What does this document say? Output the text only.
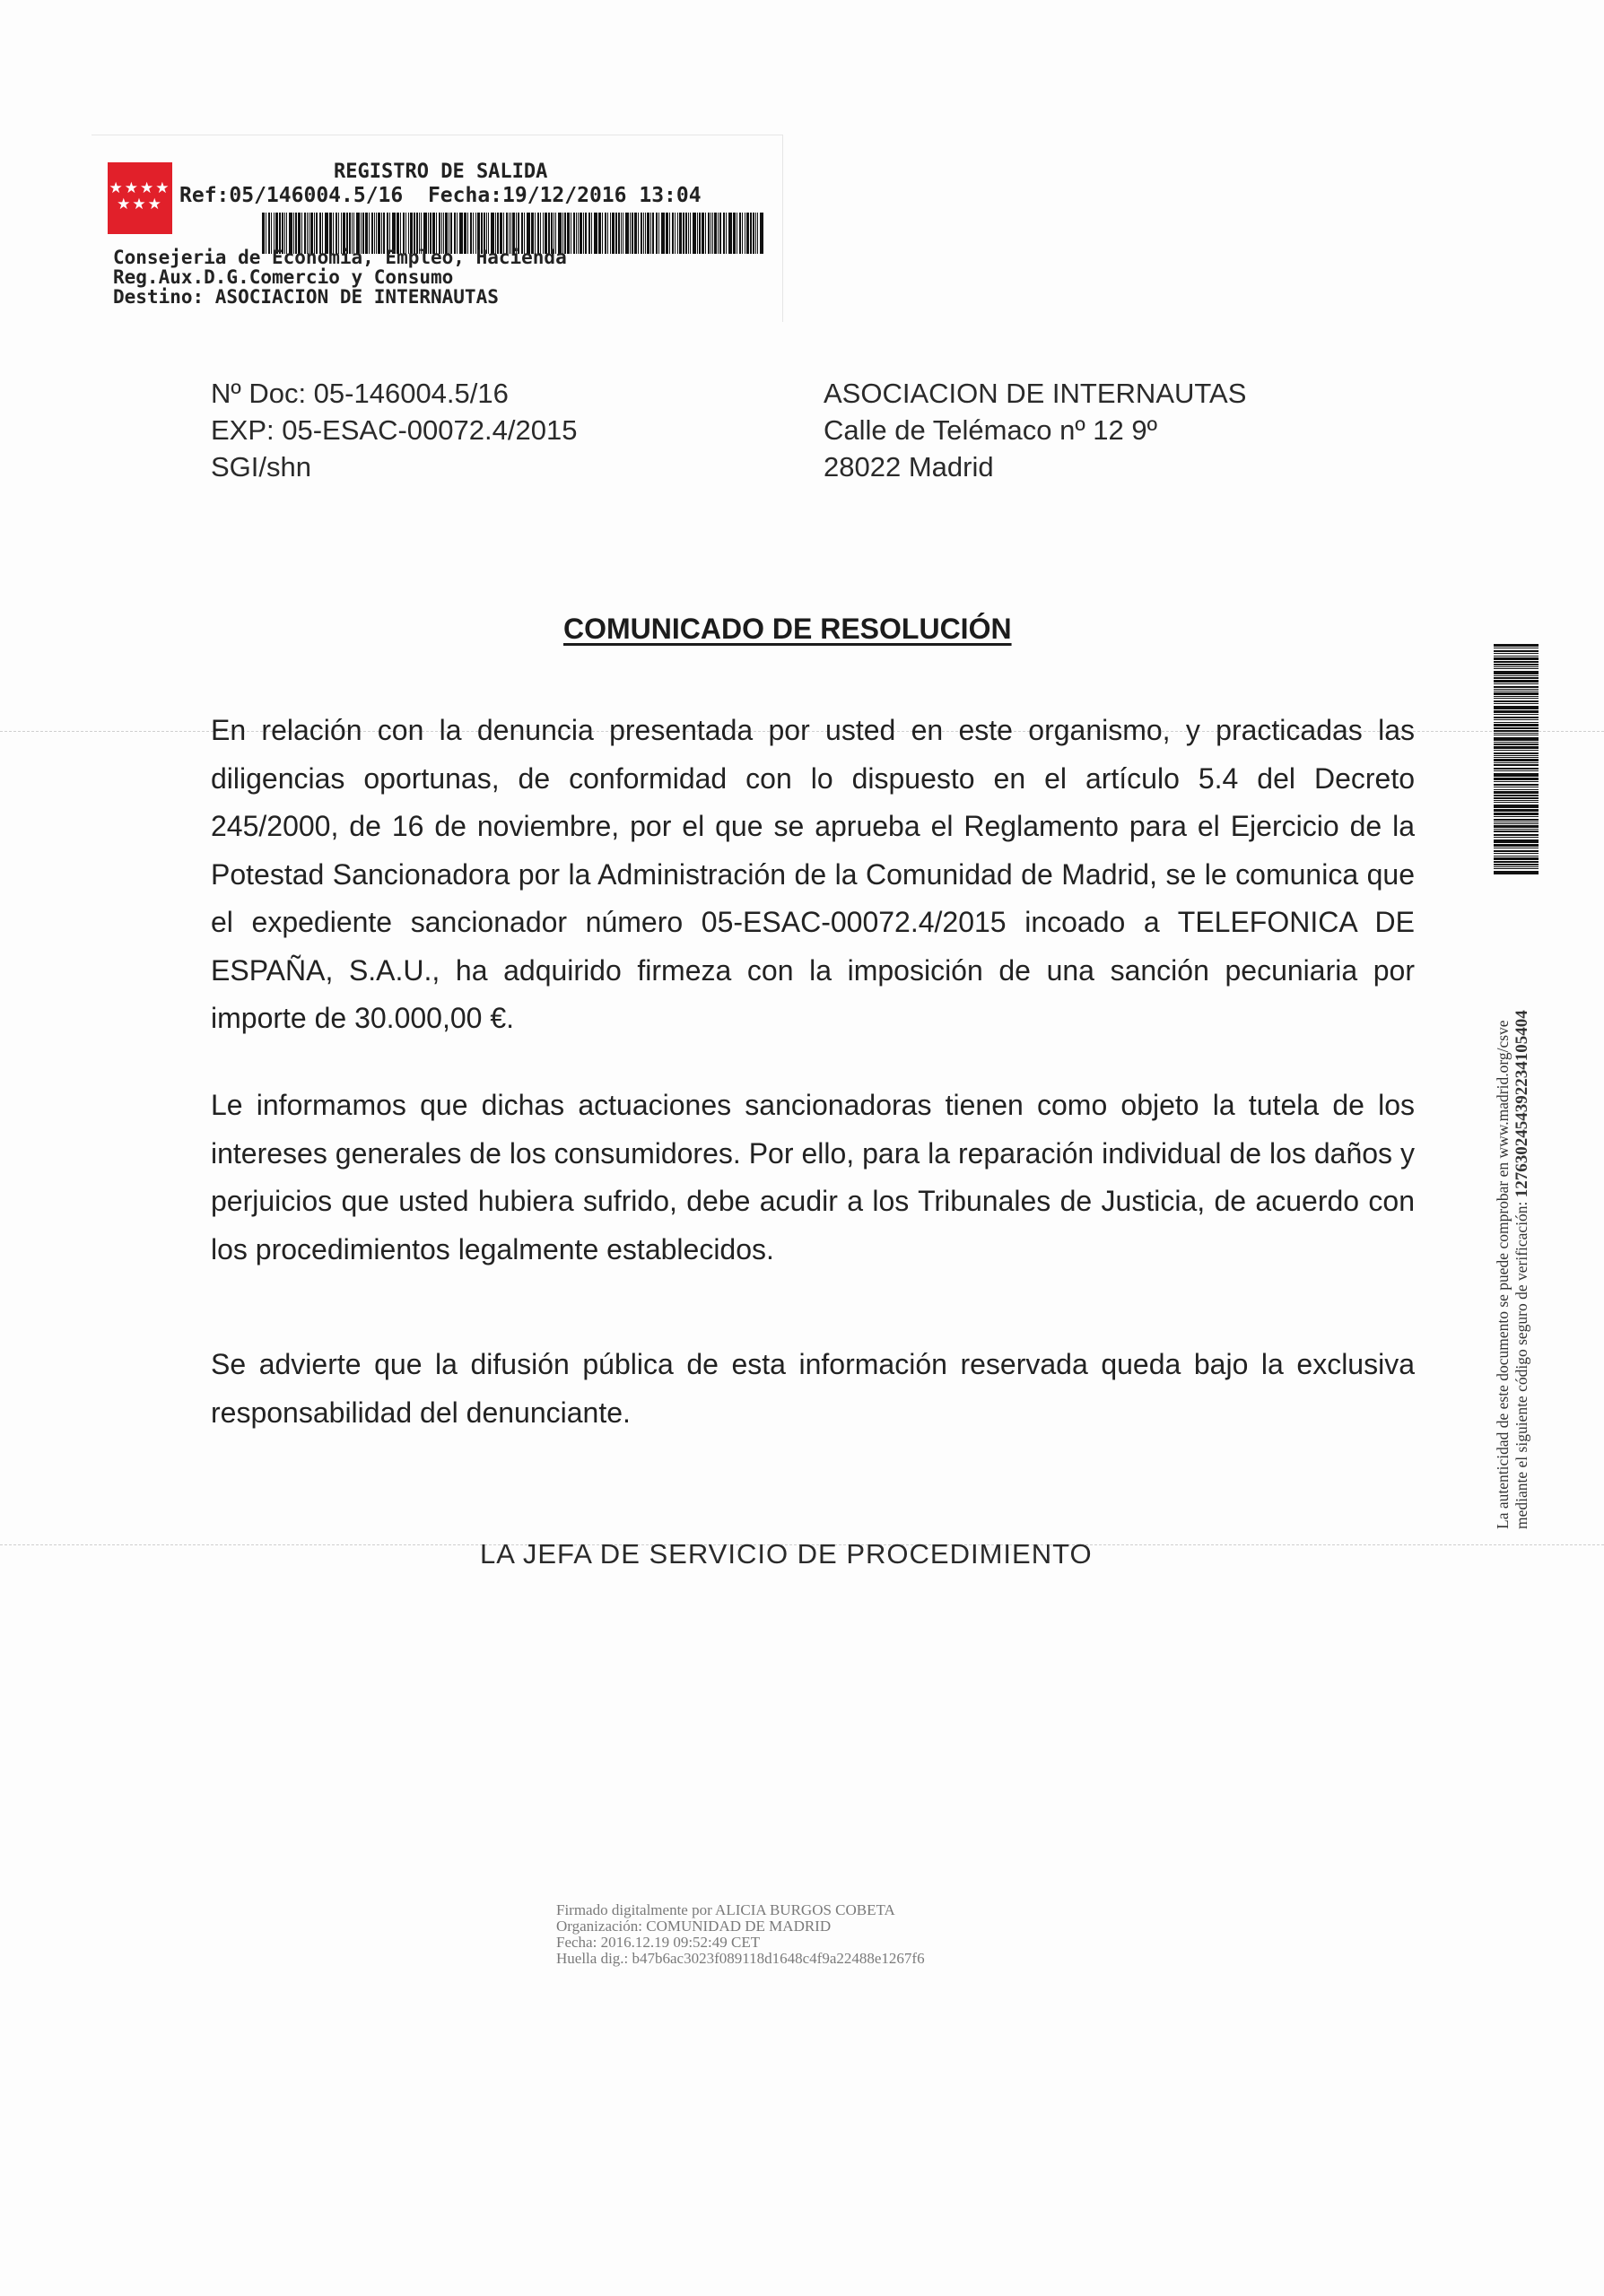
★★★★
★★★
REGISTRO DE SALIDA
Ref:05/146004.5/16  Fecha:19/12/2016 13:04
Consejeria de Economia, Empleo, Hacienda
Reg.Aux.D.G.Comercio y Consumo
Destino: ASOCIACION DE INTERNAUTAS
Nº Doc: 05-146004.5/16
EXP: 05-ESAC-00072.4/2015
SGI/shn
ASOCIACION DE INTERNAUTAS
Calle de Telémaco nº 12 9º
28022 Madrid
COMUNICADO DE RESOLUCIÓN
En relación con la denuncia presentada por usted en este organismo, y practicadas las diligencias oportunas, de conformidad con lo dispuesto en el artículo 5.4 del Decreto 245/2000, de 16 de noviembre, por el que se aprueba el Reglamento para el Ejercicio de la Potestad Sancionadora por la Administración de la Comunidad de Madrid, se le comunica que el expediente sancionador número 05-ESAC-00072.4/2015 incoado a TELEFONICA DE ESPAÑA, S.A.U., ha adquirido firmeza con la imposición de una sanción pecuniaria por importe de 30.000,00 €.
Le informamos que dichas actuaciones sancionadoras tienen como objeto la tutela de los intereses generales de los consumidores. Por ello, para la reparación individual de los daños y perjuicios que usted hubiera sufrido, debe acudir a los Tribunales de Justicia, de acuerdo con los procedimientos legalmente establecidos.
Se advierte que la difusión pública de esta información reservada queda bajo la exclusiva responsabilidad del denunciante.
LA JEFA DE SERVICIO DE PROCEDIMIENTO
Firmado digitalmente por ALICIA BURGOS COBETA
Organización: COMUNIDAD DE MADRID
Fecha: 2016.12.19 09:52:49 CET
Huella dig.: b47b6ac3023f089118d1648c4f9a22488e1267f6
La autenticidad de este documento se puede comprobar en www.madrid.org/csve mediante el siguiente código seguro de verificación: 1276302454392234105404
